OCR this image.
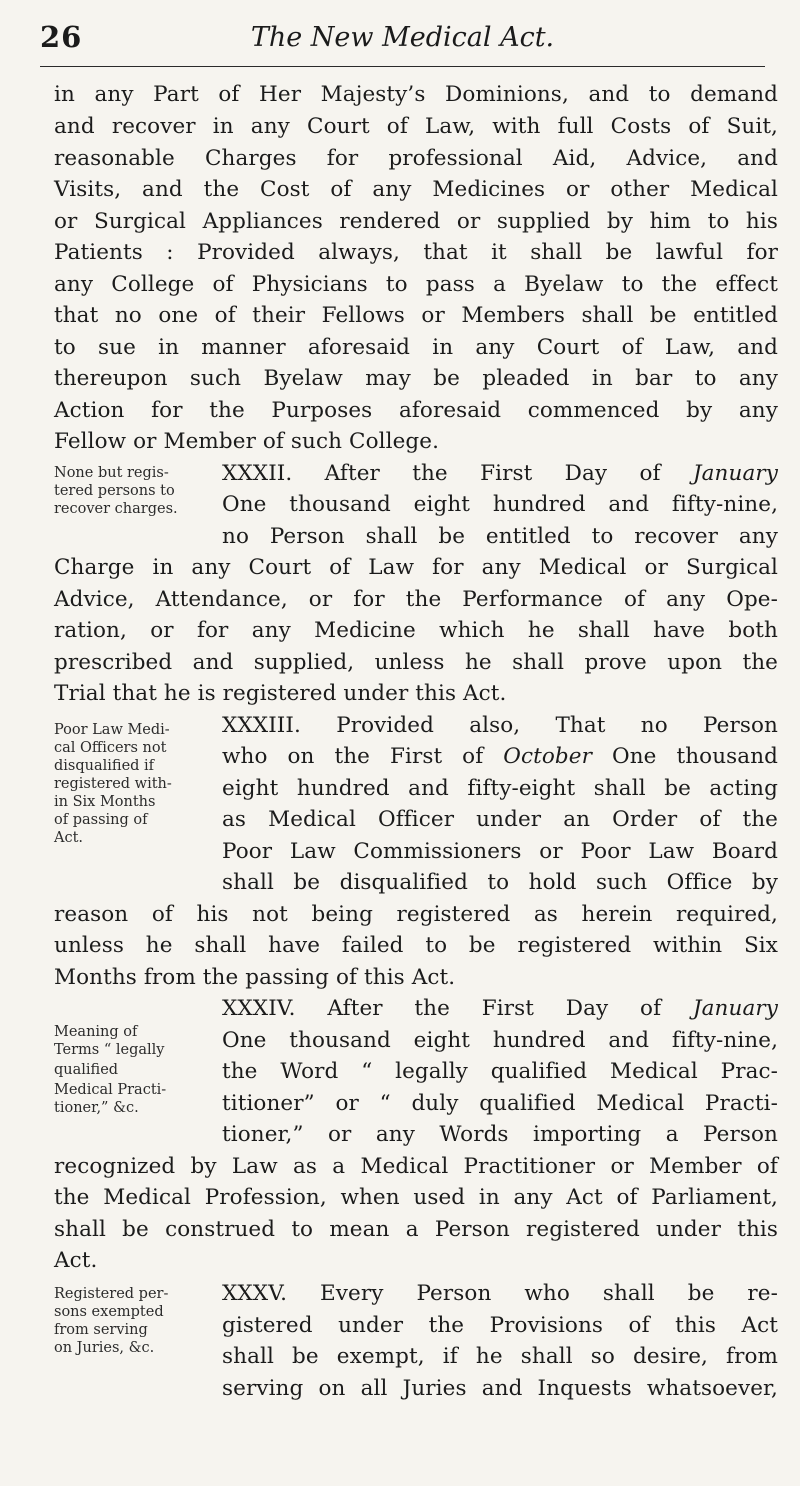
26	The New Medical Act.
in any Part of Her Majesty’s Dominions, and to demand
and recover in any Court of Law, with full Costs of Suit,
reasonable Charges for professional Aid, Advice, and
Visits, and the Cost of any Medicines or other Medical
or Surgical Appliances rendered or supplied by him to his
Patients : Provided always, that it shall be lawful for
any College of Physicians to pass a Byelaw to the effect
that no one of their Fellows or Members shall be entitled
to sue in manner aforesaid in any Court of Law, and
thereupon such Byelaw may be pleaded in bar to any
Action for the Purposes aforesaid commenced by any
Fellow or Member of such College.
None but regis-
tered persons to
recover charges.
XXXII. After the First Day of January
One thousand eight hundred and fifty-nine,
no Person shall be entitled to recover any
Charge in any Court of Law for any Medical or Surgical
Advice, Attendance, or for the Performance of any Ope-
ration, or for any Medicine which he shall have both
prescribed and supplied, unless he shall prove upon the
Trial that he is registered under this Act.
Poor Law Medi-
cal Officers not
disqualified if
registered with-
in Six Months
of passing of
Act.
XXXIII. Provided also, That no Person
who on the First of October One thousand
eight hundred and fifty-eight shall be acting
as Medical Officer under an Order of the
Poor Law Commissioners or Poor Law Board
shall be disqualified to hold such Office by
reason of his not being registered as herein required,
unless he shall have failed to be registered within Six
Months from the passing of this Act.
Meaning of
Terms “ legally
qualified
Medical Practi-
tioner,” &c.
XXXIV. After the First Day of January
One thousand eight hundred and fifty-nine,
the Word “ legally qualified Medical Prac-
titioner” or “ duly qualified Medical Practi-
tioner,” or any Words importing a Person
recognized by Law as a Medical Practitioner or Member of
the Medical Profession, when used in any Act of Parliament,
shall be construed to mean a Person registered under this
Act.
Registered per-
sons exempted
from serving
on Juries, &c.
XXXV. Every Person who shall be re-
gistered under the Provisions of this Act
shall be exempt, if he shall so desire, from
serving on all Juries and Inquests whatsoever,
